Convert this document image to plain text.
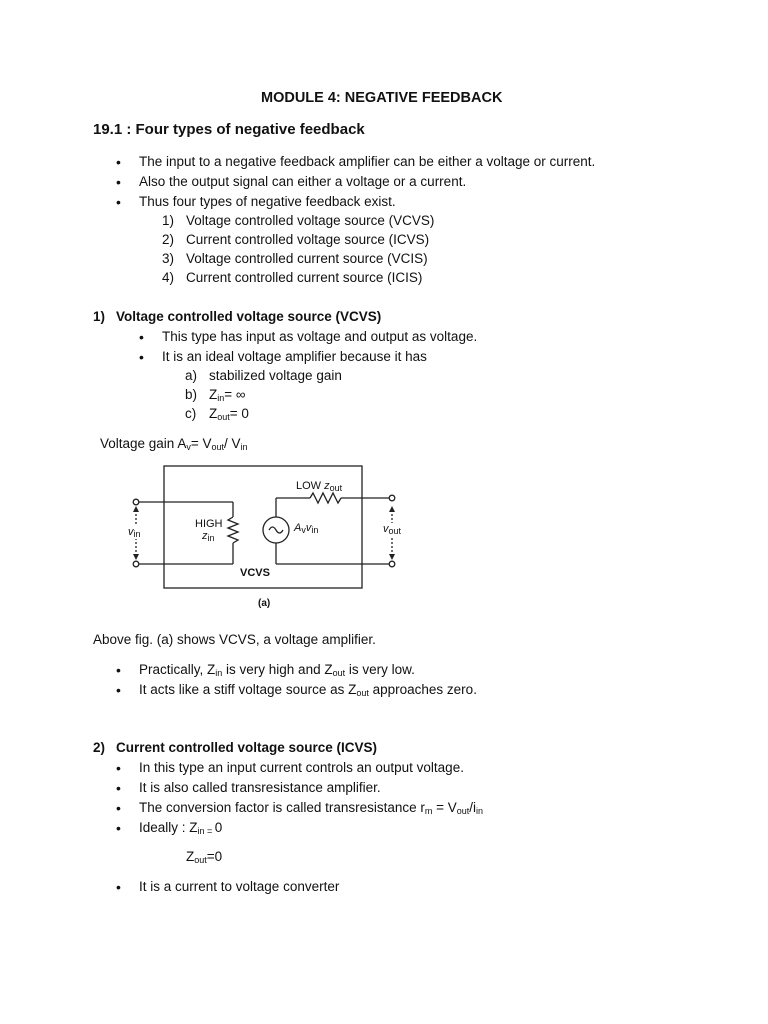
MODULE 4: NEGATIVE FEEDBACK
19.1 : Four types of negative feedback
• The input to a negative feedback amplifier can be either a voltage or current.
• Also the output signal can either a voltage or a current.
• Thus four types of negative feedback exist.
1) Voltage controlled voltage source (VCVS)
2) Current controlled voltage source (ICVS)
3) Voltage controlled current source (VCIS)
4) Current controlled current source (ICIS)
1) Voltage controlled voltage source (VCVS)
• This type has input as voltage and output as voltage.
• It is an ideal voltage amplifier because it has
a) stabilized voltage gain
b) $Z_{in}=$ ∞
c) $Z_{out}= 0$
Voltage gain $A_v= V_{out}/$ $V_{in}$
LOW $z_{out}$
HIGH
$z_{in}$
$A_vv_{in}$
$v_{in}$	$v_{out}$
VCVS
(a)
Above fig. (a) shows VCVS, a voltage amplifier.
• Practically, $Z_{in}$ is very high and $Z_{out}$ is very low.
• It acts like a stiff voltage source as $Z_{out}$ approaches zero.
2) Current controlled voltage source (ICVS)
• In this type an input current controls an output voltage.
• It is also called transresistance amplifier.
• The conversion factor is called transresistance $r_m = V_{out}/i_{in}$
• Ideally : $Z_{in =}$ 0
$Z_{out}=0$
• It is a current to voltage converter
